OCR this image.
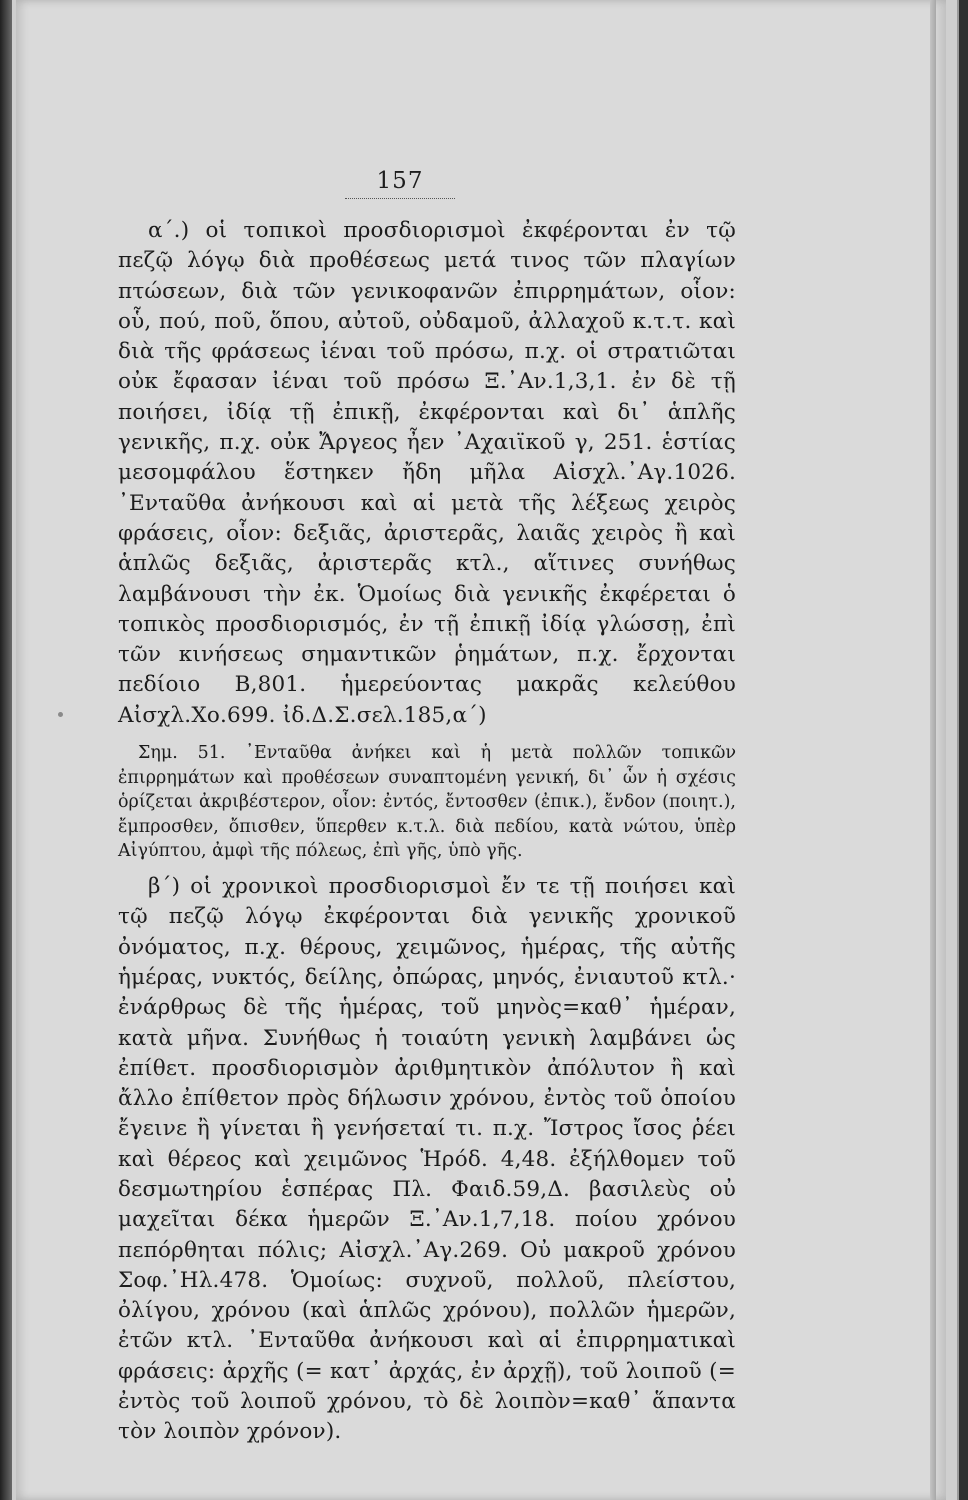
157

α΄.) οἱ τοπικοὶ προσδιορισμοὶ ἐκφέρονται ἐν τῷ πεζῷ λόγῳ διὰ προθέσεως μετά τινος τῶν πλαγίων πτώσεων, διὰ τῶν γενικοφανῶν ἐπιρρημάτων, οἷον: οὗ, πού, ποῦ, ὅπου, αὐτοῦ, οὐδαμοῦ, ἀλλαχοῦ κ.τ.τ. καὶ διὰ τῆς φράσεως ἰέναι τοῦ πρόσω, π.χ. οἱ στρατιῶται οὐκ ἔφασαν ἰέναι τοῦ πρόσω Ξ.᾿Αν.1,3,1. ἐν δὲ τῇ ποιήσει, ἰδίᾳ τῇ ἐπικῇ, ἐκφέρονται καὶ δι᾿ ἁπλῆς γενικῆς, π.χ. οὐκ Ἄργεος ἦεν ᾿Αχαιϊκοῦ γ, 251. ἑστίας μεσομφάλου ἕστηκεν ἤδη μῆλα Αἰσχλ.᾿Αγ.1026. ᾿Ενταῦθα ἀνήκουσι καὶ αἱ μετὰ τῆς λέξεως χειρὸς φράσεις, οἷον: δεξιᾶς, ἀριστερᾶς, λαιᾶς χειρὸς ἢ καὶ ἁπλῶς δεξιᾶς, ἀριστερᾶς κτλ., αἵτινες συνήθως λαμβάνουσι τὴν ἐκ. Ὁμοίως διὰ γενικῆς ἐκφέρεται ὁ τοπικὸς προσδιορισμός, ἐν τῇ ἐπικῇ ἰδίᾳ γλώσσῃ, ἐπὶ τῶν κινήσεως σημαντικῶν ῥημάτων, π.χ. ἔρχονται πεδίοιο Β,801. ἡμερεύοντας μακρᾶς κελεύθου Αἰσχλ.Χο.699. ἰδ.Δ.Σ.σελ.185,α΄)

Σημ. 51. ᾿Ενταῦθα ἀνήκει καὶ ἡ μετὰ πολλῶν τοπικῶν ἐπιρρημάτων καὶ προθέσεων συναπτομένη γενική, δι᾿ ὧν ἡ σχέσις ὁρίζεται ἀκριβέστερον, οἷον: ἐντός, ἔντοσθεν (ἐπικ.), ἔνδον (ποιητ.), ἔμπροσθεν, ὄπισθεν, ὕπερθεν κ.τ.λ. διὰ πεδίου, κατὰ νώτου, ὑπὲρ Αἰγύπτου, ἀμφὶ τῆς πόλεως, ἐπὶ γῆς, ὑπὸ γῆς.

β΄) οἱ χρονικοὶ προσδιορισμοὶ ἔν τε τῇ ποιήσει καὶ τῷ πεζῷ λόγῳ ἐκφέρονται διὰ γενικῆς χρονικοῦ ὀνόματος, π.χ. θέρους, χειμῶνος, ἡμέρας, τῆς αὐτῆς ἡμέρας, νυκτός, δείλης, ὀπώρας, μηνός, ἐνιαυτοῦ κτλ.· ἐνάρθρως δὲ τῆς ἡμέρας, τοῦ μηνὸς=καθ᾿ ἡμέραν, κατὰ μῆνα. Συνήθως ἡ τοιαύτη γενικὴ λαμβάνει ὡς ἐπίθετ. προσδιορισμὸν ἀριθμητικὸν ἀπόλυτον ἢ καὶ ἄλλο ἐπίθετον πρὸς δήλωσιν χρόνου, ἐντὸς τοῦ ὁποίου ἔγεινε ἢ γίνεται ἢ γενήσεταί τι. π.χ. Ἴστρος ἴσος ῥέει καὶ θέρεος καὶ χειμῶνος Ἡρόδ. 4,48. ἐξήλθομεν τοῦ δεσμωτηρίου ἑσπέρας Πλ. Φαιδ.59,Δ. βασιλεὺς οὐ μαχεῖται δέκα ἡμερῶν Ξ.᾿Αν.1,7,18. ποίου χρόνου πεπόρθηται πόλις; Αἰσχλ.᾿Αγ.269. Οὐ μακροῦ χρόνου Σοφ.᾿Ηλ.478. Ὁμοίως: συχνοῦ, πολλοῦ, πλείστου, ὀλίγου, χρόνου (καὶ ἁπλῶς χρόνου), πολλῶν ἡμερῶν, ἐτῶν κτλ. ᾿Ενταῦθα ἀνήκουσι καὶ αἱ ἐπιρρηματικαὶ φράσεις: ἀρχῆς (= κατ᾿ ἀρχάς, ἐν ἀρχῇ), τοῦ λοιποῦ (= ἐντὸς τοῦ λοιποῦ χρόνου, τὸ δὲ λοιπὸν=καθ᾿ ἅπαντα τὸν λοιπὸν χρόνον).
